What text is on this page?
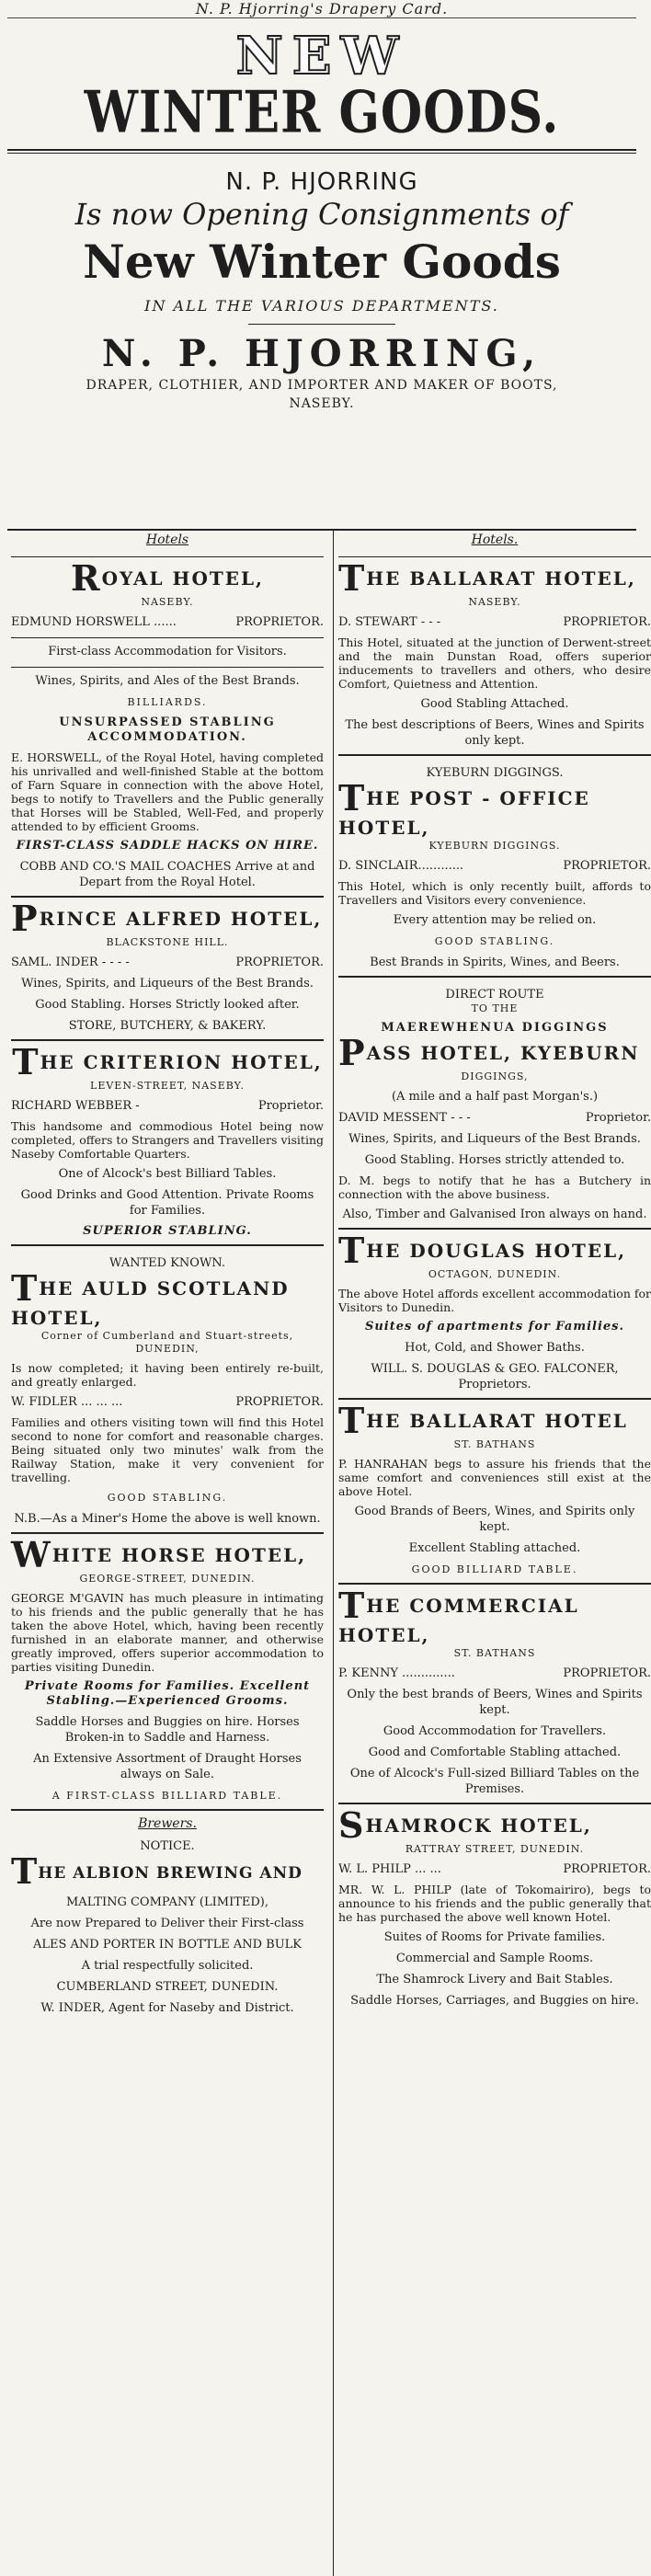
N. P. Hjorring's Drapery Card.
NEW
WINTER GOODS.
N. P. HJORRING
Is now Opening Consignments of
New Winter Goods
IN ALL THE VARIOUS DEPARTMENTS.
N. P. HJORRING,
DRAPER, CLOTHIER, AND IMPORTER AND MAKER OF BOOTS,
NASEBY.
Hotels
ROYAL HOTEL,
NASEBY.
EDMUND HORSWELL ......	PROPRIETOR.
First-class Accommodation for Visitors.
Wines, Spirits, and Ales of the Best Brands.
BILLIARDS.
UNSURPASSED STABLING ACCOMMODATION.
E. HORSWELL, of the Royal Hotel, having completed his unrivalled and well-finished Stable at the bottom of Farn Square in connection with the above Hotel, begs to notify to Travellers and the Public generally that Horses will be Stabled, Well-Fed, and properly attended to by efficient Grooms.
FIRST-CLASS SADDLE HACKS ON HIRE.
COBB AND CO.'S MAIL COACHES Arrive at and Depart from the Royal Hotel.
PRINCE ALFRED HOTEL,
BLACKSTONE HILL.
SAML. INDER - - - -	PROPRIETOR.
Wines, Spirits, and Liqueurs of the Best Brands.
Good Stabling. Horses Strictly looked after.
STORE, BUTCHERY, & BAKERY.
THE CRITERION HOTEL,
LEVEN-STREET, NASEBY.
RICHARD WEBBER -	Proprietor.
This handsome and commodious Hotel being now completed, offers to Strangers and Travellers visiting Naseby Comfortable Quarters.
One of Alcock's best Billiard Tables.
Good Drinks and Good Attention. Private Rooms for Families.
SUPERIOR STABLING.
WANTED KNOWN.
THE AULD SCOTLAND HOTEL,
Corner of Cumberland and Stuart-streets, DUNEDIN,
Is now completed; it having been entirely re-built, and greatly enlarged.
W. FIDLER ... ... ...	PROPRIETOR.
Families and others visiting town will find this Hotel second to none for comfort and reasonable charges. Being situated only two minutes' walk from the Railway Station, make it very convenient for travelling.
GOOD STABLING.
N.B.—As a Miner's Home the above is well known.
WHITE HORSE HOTEL,
GEORGE-STREET, DUNEDIN.
GEORGE M'GAVIN has much pleasure in intimating to his friends and the public generally that he has taken the above Hotel, which, having been recently furnished in an elaborate manner, and otherwise greatly improved, offers superior accommodation to parties visiting Dunedin.
Private Rooms for Families. Excellent Stabling.—Experienced Grooms.
Saddle Horses and Buggies on hire. Horses Broken-in to Saddle and Harness.
An Extensive Assortment of Draught Horses always on Sale.
A FIRST-CLASS BILLIARD TABLE.
Brewers.
NOTICE.
THE ALBION BREWING AND
MALTING COMPANY (LIMITED),
Are now Prepared to Deliver their First-class
ALES AND PORTER IN BOTTLE AND BULK
A trial respectfully solicited.
CUMBERLAND STREET, DUNEDIN.
W. INDER, Agent for Naseby and District.
Hotels.
THE BALLARAT HOTEL,
NASEBY.
D. STEWART - - -	PROPRIETOR.
This Hotel, situated at the junction of Derwent-street and the main Dunstan Road, offers superior inducements to travellers and others, who desire Comfort, Quietness and Attention.
Good Stabling Attached.
The best descriptions of Beers, Wines and Spirits only kept.
KYEBURN DIGGINGS.
THE POST - OFFICE HOTEL,
KYEBURN DIGGINGS.
D. SINCLAIR............	PROPRIETOR.
This Hotel, which is only recently built, affords to Travellers and Visitors every convenience.
Every attention may be relied on.
GOOD STABLING.
Best Brands in Spirits, Wines, and Beers.
DIRECT ROUTE
TO THE
MAEREWHENUA DIGGINGS
PASS HOTEL, KYEBURN
DIGGINGS,
(A mile and a half past Morgan's.)
DAVID MESSENT - - -	Proprietor.
Wines, Spirits, and Liqueurs of the Best Brands.
Good Stabling. Horses strictly attended to.
D. M. begs to notify that he has a Butchery in connection with the above business.
Also, Timber and Galvanised Iron always on hand.
THE DOUGLAS HOTEL,
OCTAGON, DUNEDIN.
The above Hotel affords excellent accommodation for Visitors to Dunedin.
Suites of apartments for Families.
Hot, Cold, and Shower Baths.
WILL. S. DOUGLAS & GEO. FALCONER, Proprietors.
THE BALLARAT HOTEL
ST. BATHANS
P. HANRAHAN begs to assure his friends that the same comfort and conveniences still exist at the above Hotel.
Good Brands of Beers, Wines, and Spirits only kept.
Excellent Stabling attached.
GOOD BILLIARD TABLE.
THE COMMERCIAL HOTEL,
ST. BATHANS
P. KENNY ..............	PROPRIETOR.
Only the best brands of Beers, Wines and Spirits kept.
Good Accommodation for Travellers.
Good and Comfortable Stabling attached.
One of Alcock's Full-sized Billiard Tables on the Premises.
SHAMROCK HOTEL,
RATTRAY STREET, DUNEDIN.
W. L. PHILP ... ...	PROPRIETOR.
MR. W. L. PHILP (late of Tokomairiro), begs to announce to his friends and the public generally that he has purchased the above well known Hotel.
Suites of Rooms for Private families.
Commercial and Sample Rooms.
The Shamrock Livery and Bait Stables.
Saddle Horses, Carriages, and Buggies on hire.
